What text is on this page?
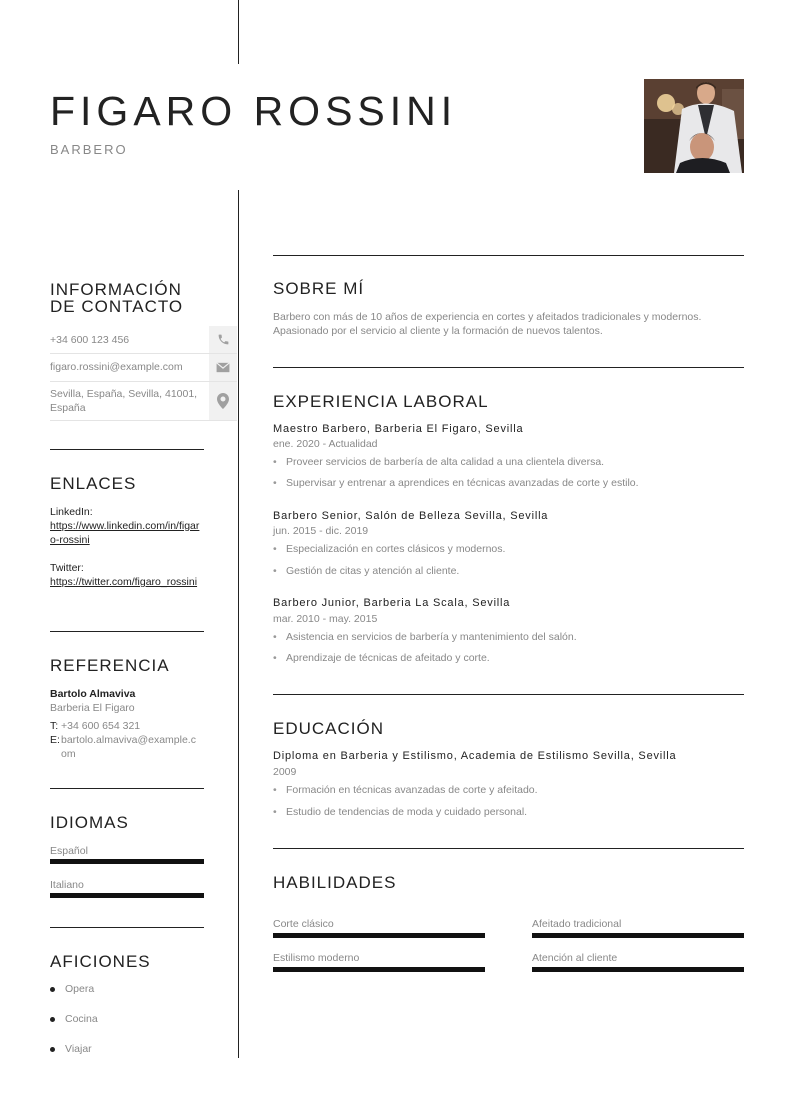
FIGARO ROSSINI
BARBERO
INFORMACIÓN
DE CONTACTO
+34 600 123 456
figaro.rossini@example.com
Sevilla, España, Sevilla, 41001, España
ENLACES
LinkedIn:
https://www.linkedin.com/in/figaro-rossini
Twitter:
https://twitter.com/figaro_rossini
REFERENCIA
Bartolo Almaviva
Barberia El Figaro
T: +34 600 654 321
E: bartolo.almaviva@example.com
IDIOMAS
Español
Italiano
AFICIONES
Opera
Cocina
Viajar
SOBRE MÍ
Barbero con más de 10 años de experiencia en cortes y afeitados tradicionales y modernos. Apasionado por el servicio al cliente y la formación de nuevos talentos.
EXPERIENCIA LABORAL
Maestro Barbero, Barberia El Figaro, Sevilla
ene. 2020 - Actualidad
• Proveer servicios de barbería de alta calidad a una clientela diversa.
• Supervisar y entrenar a aprendices en técnicas avanzadas de corte y estilo.
Barbero Senior, Salón de Belleza Sevilla, Sevilla
jun. 2015 - dic. 2019
• Especialización en cortes clásicos y modernos.
• Gestión de citas y atención al cliente.
Barbero Junior, Barberia La Scala, Sevilla
mar. 2010 - may. 2015
• Asistencia en servicios de barbería y mantenimiento del salón.
• Aprendizaje de técnicas de afeitado y corte.
EDUCACIÓN
Diploma en Barberia y Estilismo, Academia de Estilismo Sevilla, Sevilla
2009
• Formación en técnicas avanzadas de corte y afeitado.
• Estudio de tendencias de moda y cuidado personal.
HABILIDADES
Corte clásico	Afeitado tradicional
Estilismo moderno	Atención al cliente
